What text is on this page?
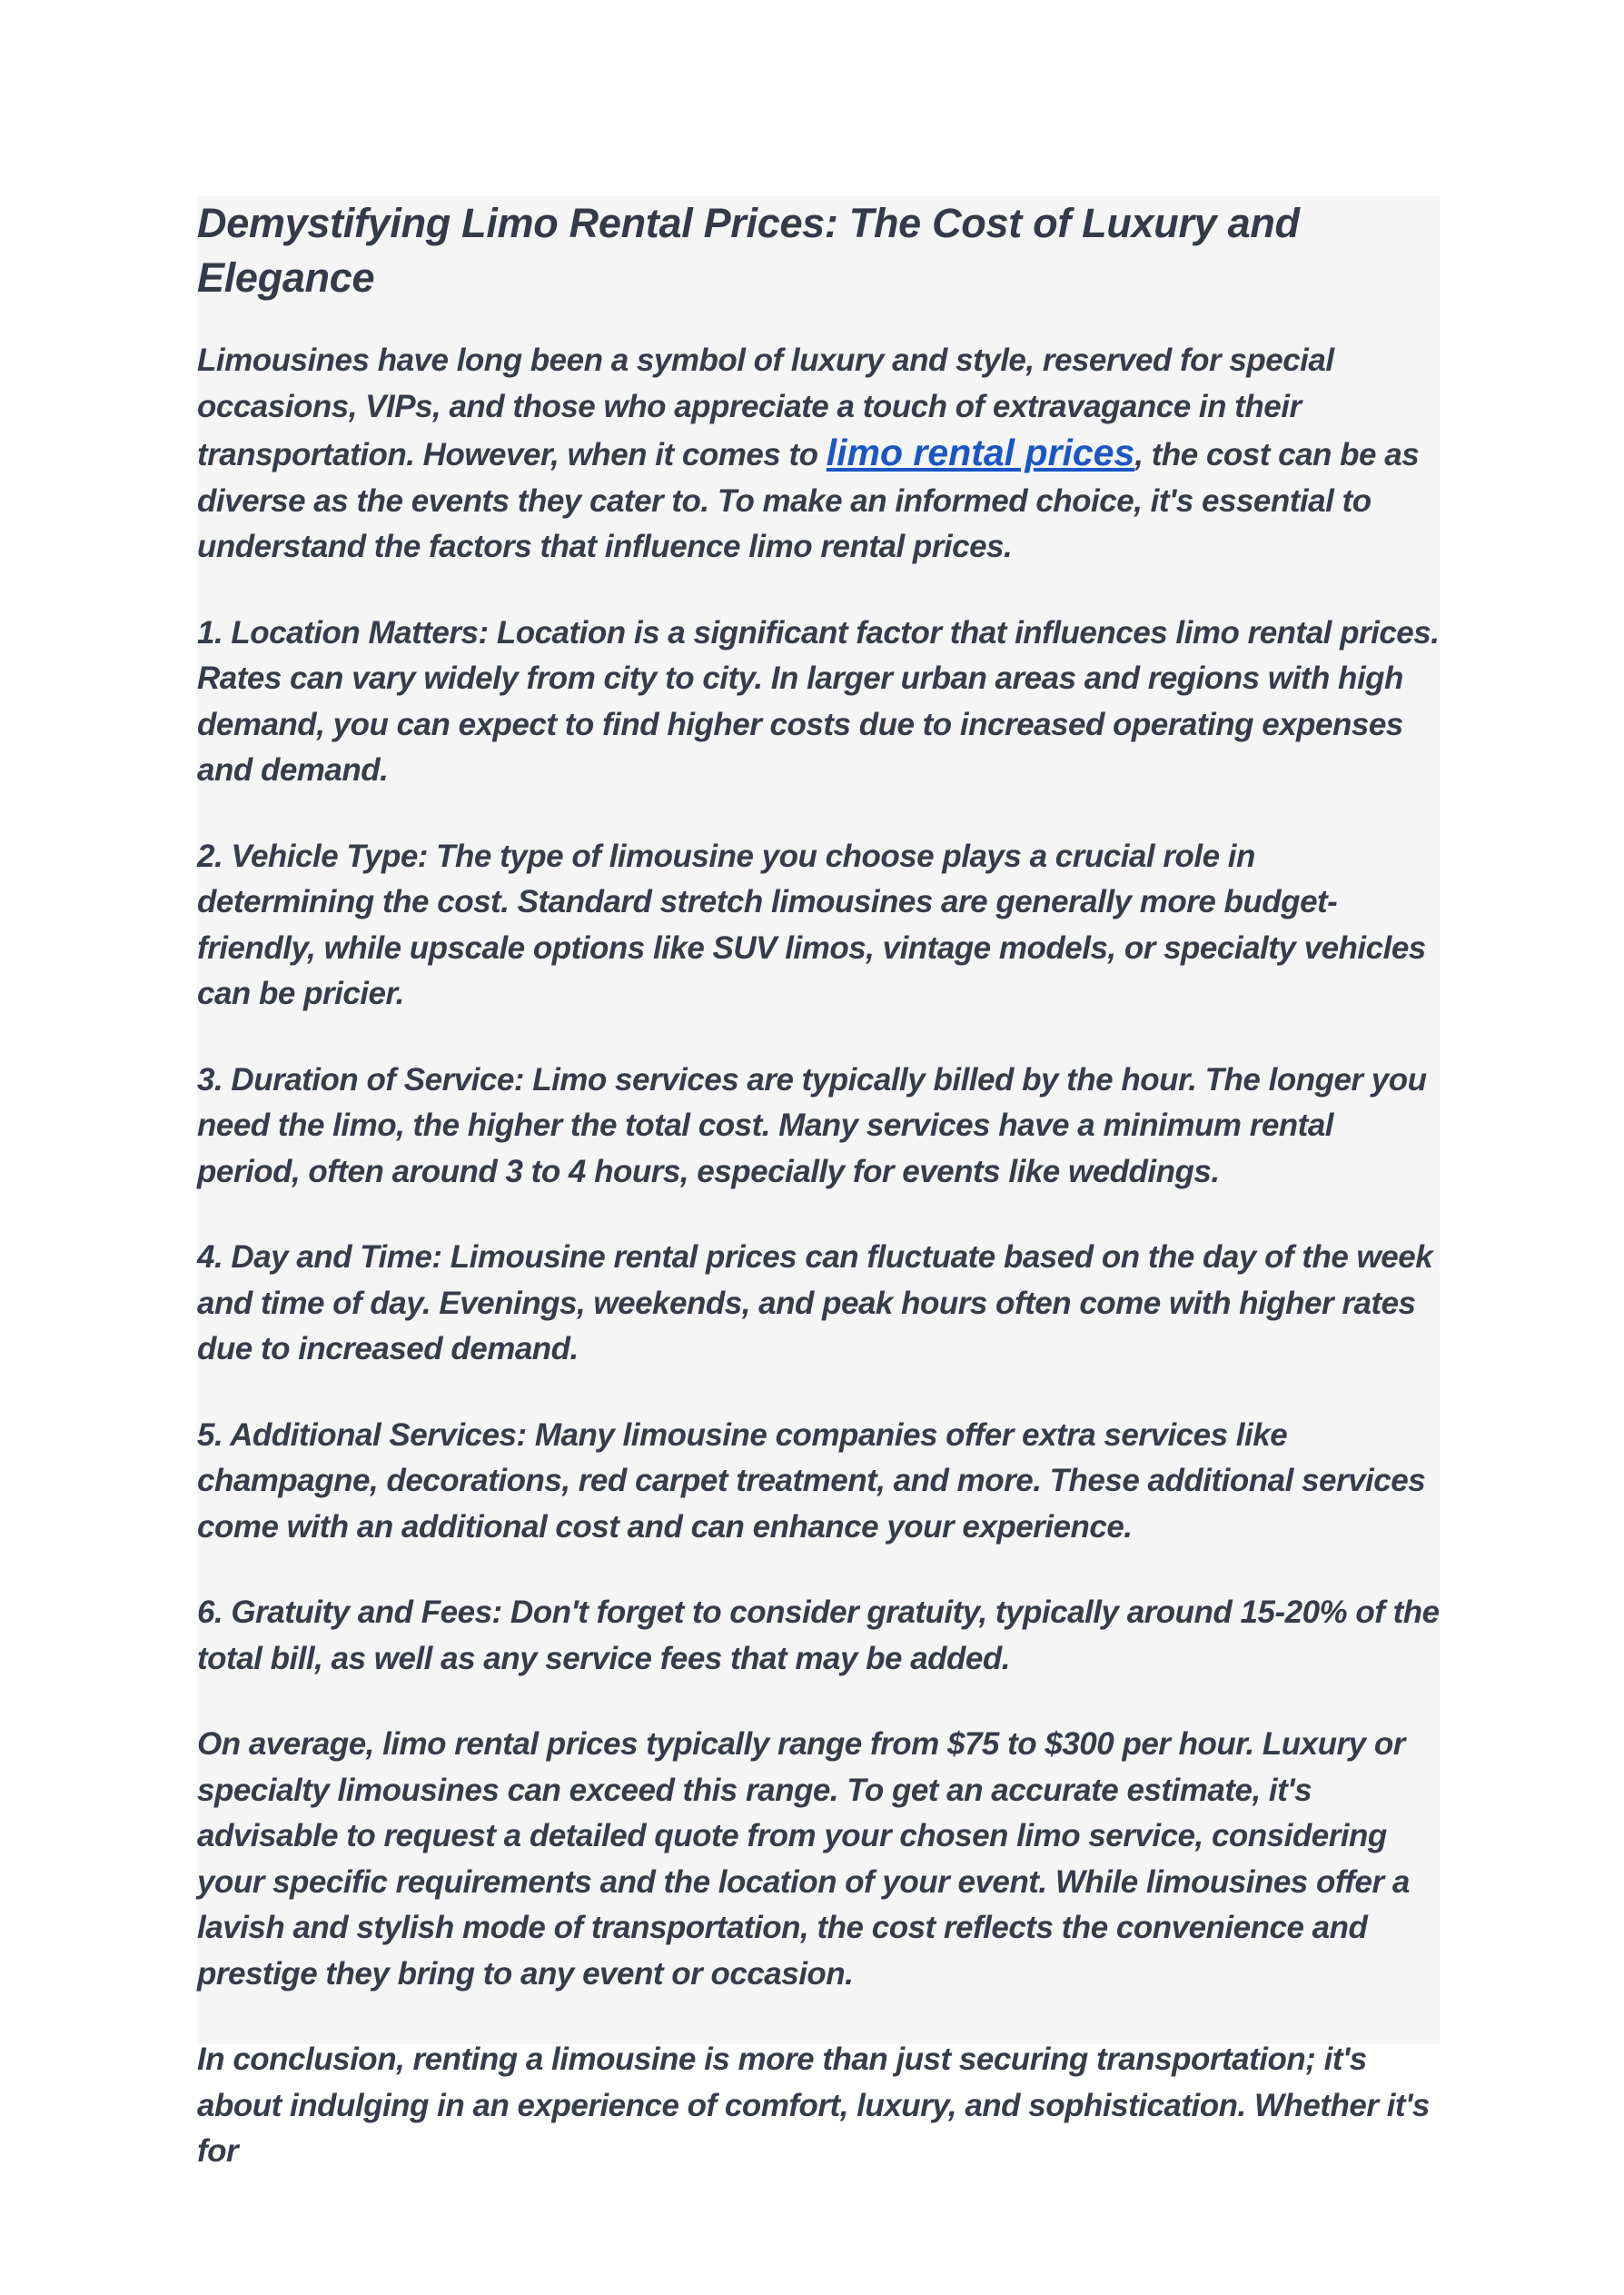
Demystifying Limo Rental Prices: The Cost of Luxury and Elegance

Limousines have long been a symbol of luxury and style, reserved for special occasions, VIPs, and those who appreciate a touch of extravagance in their transportation. However, when it comes to limo rental prices, the cost can be as diverse as the events they cater to. To make an informed choice, it's essential to understand the factors that influence limo rental prices.

1. Location Matters: Location is a significant factor that influences limo rental prices. Rates can vary widely from city to city. In larger urban areas and regions with high demand, you can expect to find higher costs due to increased operating expenses and demand.

2. Vehicle Type: The type of limousine you choose plays a crucial role in determining the cost. Standard stretch limousines are generally more budget-friendly, while upscale options like SUV limos, vintage models, or specialty vehicles can be pricier.

3. Duration of Service: Limo services are typically billed by the hour. The longer you need the limo, the higher the total cost. Many services have a minimum rental period, often around 3 to 4 hours, especially for events like weddings.

4. Day and Time: Limousine rental prices can fluctuate based on the day of the week and time of day. Evenings, weekends, and peak hours often come with higher rates due to increased demand.

5. Additional Services: Many limousine companies offer extra services like champagne, decorations, red carpet treatment, and more. These additional services come with an additional cost and can enhance your experience.

6. Gratuity and Fees: Don't forget to consider gratuity, typically around 15-20% of the total bill, as well as any service fees that may be added.

On average, limo rental prices typically range from $75 to $300 per hour. Luxury or specialty limousines can exceed this range. To get an accurate estimate, it's advisable to request a detailed quote from your chosen limo service, considering your specific requirements and the location of your event. While limousines offer a lavish and stylish mode of transportation, the cost reflects the convenience and prestige they bring to any event or occasion.

In conclusion, renting a limousine is more than just securing transportation; it's about indulging in an experience of comfort, luxury, and sophistication. Whether it's for
